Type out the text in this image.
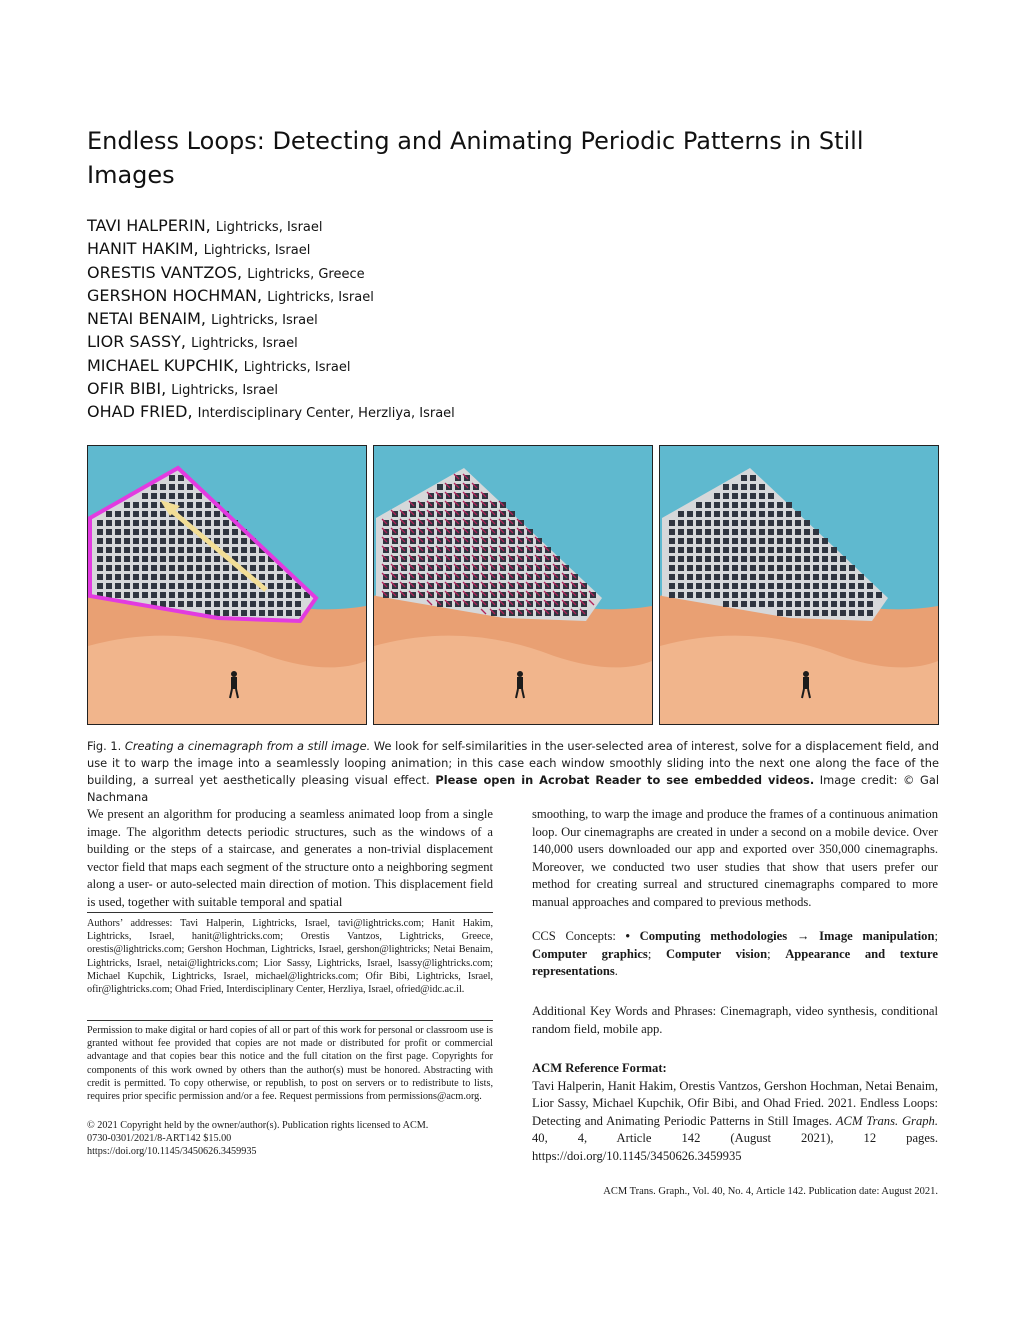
Endless Loops: Detecting and Animating Periodic Patterns in Still Images
TAVI HALPERIN, Lightricks, Israel
HANIT HAKIM, Lightricks, Israel
ORESTIS VANTZOS, Lightricks, Greece
GERSHON HOCHMAN, Lightricks, Israel
NETAI BENAIM, Lightricks, Israel
LIOR SASSY, Lightricks, Israel
MICHAEL KUPCHIK, Lightricks, Israel
OFIR BIBI, Lightricks, Israel
OHAD FRIED, Interdisciplinary Center, Herzliya, Israel
Fig. 1. Creating a cinemagraph from a still image. We look for self-similarities in the user-selected area of interest, solve for a displacement field, and use it to warp the image into a seamlessly looping animation; in this case each window smoothly sliding into the next one along the face of the building, a surreal yet aesthetically pleasing visual effect. Please open in Acrobat Reader to see embedded videos. Image credit: © Gal Nachmana
We present an algorithm for producing a seamless animated loop from a single image. The algorithm detects periodic structures, such as the windows of a building or the steps of a staircase, and generates a non-trivial displacement vector field that maps each segment of the structure onto a neighboring segment along a user- or auto-selected main direction of motion. This displacement field is used, together with suitable temporal and spatial
Authors’ addresses: Tavi Halperin, Lightricks, Israel, tavi@lightricks.com; Hanit Hakim, Lightricks, Israel, hanit@lightricks.com; Orestis Vantzos, Lightricks, Greece, orestis@lightricks.com; Gershon Hochman, Lightricks, Israel, gershon@lightricks; Netai Benaim, Lightricks, Israel, netai@lightricks.com; Lior Sassy, Lightricks, Israel, lsassy@lightricks.com; Michael Kupchik, Lightricks, Israel, michael@lightricks.com; Ofir Bibi, Lightricks, Israel, ofir@lightricks.com; Ohad Fried, Interdisciplinary Center, Herzliya, Israel, ofried@idc.ac.il.
Permission to make digital or hard copies of all or part of this work for personal or classroom use is granted without fee provided that copies are not made or distributed for profit or commercial advantage and that copies bear this notice and the full citation on the first page. Copyrights for components of this work owned by others than the author(s) must be honored. Abstracting with credit is permitted. To copy otherwise, or republish, to post on servers or to redistribute to lists, requires prior specific permission and/or a fee. Request permissions from permissions@acm.org.
© 2021 Copyright held by the owner/author(s). Publication rights licensed to ACM.
0730-0301/2021/8-ART142 $15.00
https://doi.org/10.1145/3450626.3459935
smoothing, to warp the image and produce the frames of a continuous animation loop. Our cinemagraphs are created in under a second on a mobile device. Over 140,000 users downloaded our app and exported over 350,000 cinemagraphs. Moreover, we conducted two user studies that show that users prefer our method for creating surreal and structured cinemagraphs compared to more manual approaches and compared to previous methods.
CCS Concepts: • Computing methodologies → Image manipulation; Computer graphics; Computer vision; Appearance and texture representations.
Additional Key Words and Phrases: Cinemagraph, video synthesis, conditional random field, mobile app.
ACM Reference Format:
Tavi Halperin, Hanit Hakim, Orestis Vantzos, Gershon Hochman, Netai Benaim, Lior Sassy, Michael Kupchik, Ofir Bibi, and Ohad Fried. 2021. Endless Loops: Detecting and Animating Periodic Patterns in Still Images. ACM Trans. Graph. 40, 4, Article 142 (August 2021), 12 pages. https://doi.org/10.1145/3450626.3459935
ACM Trans. Graph., Vol. 40, No. 4, Article 142. Publication date: August 2021.
